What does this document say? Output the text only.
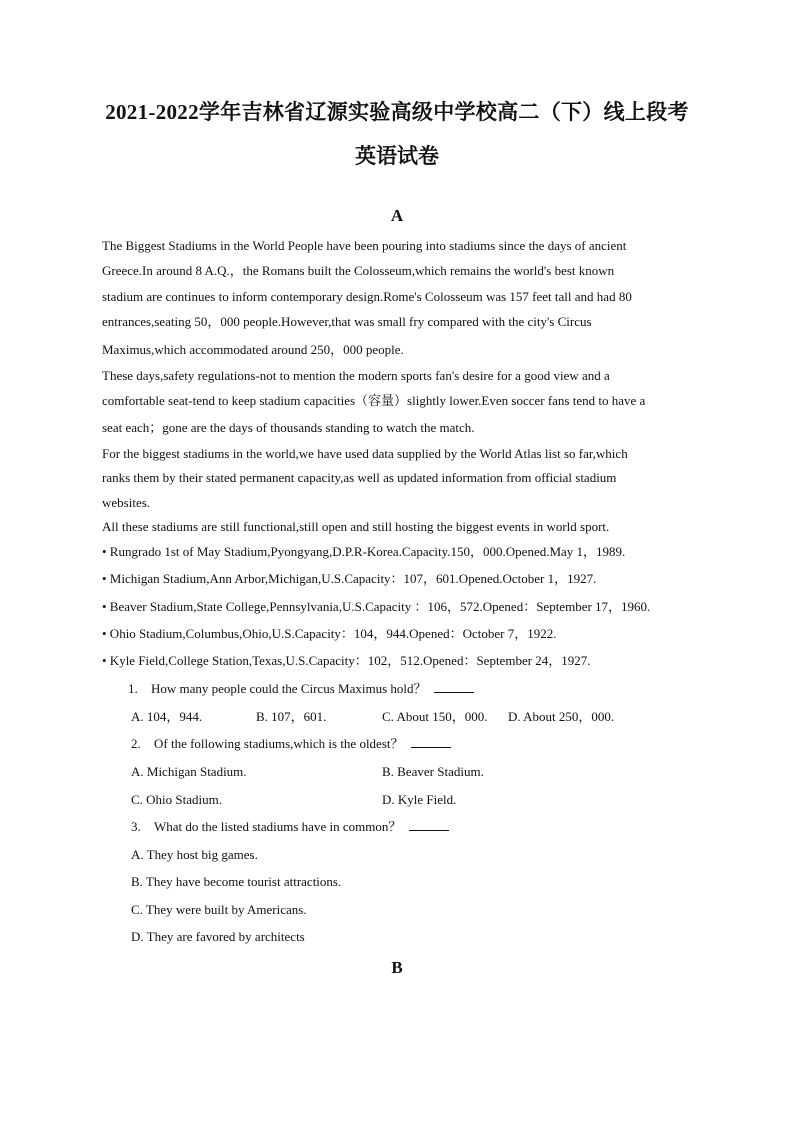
2021-2022学年吉林省辽源实验高级中学校高二（下）线上段考
英语试卷
A
The Biggest Stadiums in the World People have been pouring into stadiums since the days of ancient
Greece.In around 8 A.Q.，the Romans built the Colosseum,which remains the world's best known
stadium are continues to inform contemporary design.Rome's Colosseum was 157 feet tall and had 80
entrances,seating 50，000 people.However,that was small fry compared with the city's Circus
Maximus,which accommodated around 250，000 people.
These days,safety regulations-not to mention the modern sports fan's desire for a good view and a
comfortable seat-tend to keep stadium capacities（容量）slightly lower.Even soccer fans tend to have a
seat each；gone are the days of thousands standing to watch the match.
For the biggest stadiums in the world,we have used data supplied by the World Atlas list so far,which
ranks them by their stated permanent capacity,as well as updated information from official stadium
websites.
All these stadiums are still functional,still open and still hosting the biggest events in world sport.
• Rungrado 1st of May Stadium,Pyongyang,D.P.R-Korea.Capacity.150，000.Opened.May 1，1989.
• Michigan Stadium,Ann Arbor,Michigan,U.S.Capacity：107，601.Opened.October 1，1927.
• Beaver Stadium,State College,Pennsylvania,U.S.Capacity ：106，572.Opened：September 17，1960.
• Ohio Stadium,Columbus,Ohio,U.S.Capacity：104，944.Opened：October 7，1922.
• Kyle Field,College Station,Texas,U.S.Capacity：102，512.Opened：September 24，1927.
1. How many people could the Circus Maximus hold？
A. 104，944.	B. 107，601.	C. About 150，000. D. About 250，000.
2. Of the following stadiums,which is the oldest？
A. Michigan Stadium.	B. Beaver Stadium.
C. Ohio Stadium.	D. Kyle Field.
3. What do the listed stadiums have in common？
A. They host big games.
B. They have become tourist attractions.
C. They were built by Americans.
D. They are favored by architects
B
